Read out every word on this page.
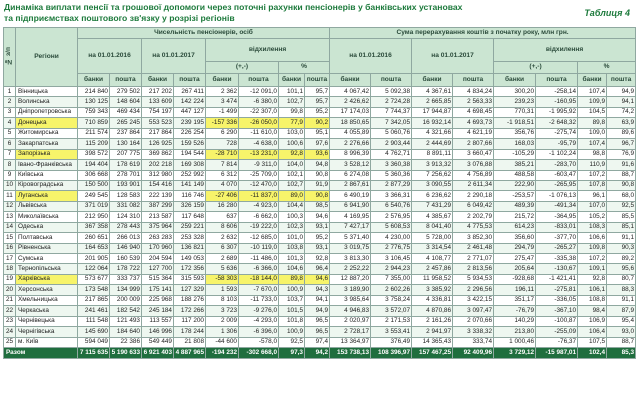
Динаміка виплати пенсії та грошової допомоги через поточні рахунки пенсіонерів у банківських установах
та підприємствах поштового зв'язку у розрізі регіонів	Таблиця 4
№ з/п	Регіони	Чисельність пенсіонерів, осіб								Сума перерахування коштів з початку року, млн грн.							
		на 01.01.2016		на 01.01.2017		відхилення				на 01.01.2016		на 01.01.2017		відхилення			
						(+,-)		%						(+,-)		%	
		банки	пошта	банки	пошта	банки	пошта	банки	пошта	банки	пошта	банки	пошта	банки	пошта	банки	пошта
1	Вінницька	214 840	279 502	217 202	267 411	2 362	-12 091,0	101,1	95,7	4 067,42	5 092,38	4 367,61	4 834,24	300,20	-258,14	107,4	94,9
2	Волинська	130 125	148 604	133 609	142 224	3 474	-6 380,0	102,7	95,7	2 426,62	2 724,28	2 665,85	2 563,33	239,23	-160,95	109,9	94,1
3	Дніпропетровська	759 343	469 434	754 197	447 127	-1 499	-22 307,0	99,8	95,2	17 174,03	7 744,37	17 944,87	4 698,45	770,31	-1 995,92	104,5	74,2
4	Донецька	710 859	265 245	553 523	239 195	-157 336	-26 050,0	77,9	90,2	18 850,65	7 342,05	16 932,14	4 693,73	-1 918,51	-2 648,32	89,8	63,9
5	Житомирська	211 574	237 864	217 864	226 254	6 290	-11 610,0	103,0	95,1	4 055,89	5 060,76	4 321,66	4 621,19	356,76	-275,74	109,0	89,6
6	Закарпатська	115 209	130 164	126 925	159 526	728	-4 638,0	100,6	97,6	2 276,66	2 903,44	2 444,69	2 807,66	168,03	-95,79	107,4	96,7
7	Запорізька	398 572	207 775	369 862	194 544	-28 710	-13 231,0	92,8	93,6	8 996,39	4 762,71	8 891,11	3 660,47	-105,29	-1 102,24	98,8	76,9
8	Івано-Франківська	194 404	178 619	202 218	169 308	7 814	-9 311,0	104,0	94,8	3 528,12	3 360,38	3 913,32	3 076,88	385,21	-283,70	110,9	91,6
9	Київська	306 668	278 701	312 980	252 992	6 312	-25 709,0	102,1	90,8	6 274,08	5 360,36	7 256,62	4 756,89	488,58	-603,47	107,2	88,7
10	Кіровоградська	150 500	193 901	154 416	141 149	4 070	-12 470,0	102,7	91,9	2 867,61	2 877,29	3 090,55	2 611,34	222,90	-265,95	107,8	90,8
11	Луганська	249 545	128 583	222 139	116 746	-27 406	-11 837,0	89,0	90,8	6 490,19	3 366,31	6 236,62	2 290,18	-253,57	-1 076,13	96,1	68,0
12	Львівська	371 019	331 082	387 299	326 159	16 280	-4 923,0	104,4	98,5	6 941,90	6 540,76	7 431,29	6 049,42	489,39	-491,34	107,0	92,5
13	Миколаївська	212 950	124 310	213 587	117 648	637	-6 662,0	100,3	94,6	4 169,95	2 576,95	4 385,67	2 202,79	215,72	-364,95	105,2	85,5
14	Одеська	367 358	278 443	375 964	259 221	8 606	-19 222,0	102,3	93,1	7 427,17	5 608,53	8 041,40	4 775,53	614,23	-833,01	108,3	85,1
15	Полтавська	260 651	266 013	263 283	253 328	2 632	-12 685,0	101,0	95,2	5 371,40	4 230,00	5 728,00	3 852,30	356,60	-377,70	106,6	91,1
16	Рівненська	164 653	146 940	170 960	136 821	6 307	-10 119,0	103,8	93,1	3 019,75	2 776,75	3 314,54	2 461,48	294,79	-265,27	109,8	90,3
17	Сумська	201 905	160 539	204 594	149 053	2 689	-11 486,0	101,3	92,8	3 813,30	3 106,45	4 108,77	2 771,07	275,47	-335,38	107,2	89,2
18	Тернопільська	122 064	178 722	127 700	172 356	5 636	-6 366,0	104,6	96,4	2 252,22	2 944,23	2 457,86	2 813,56	205,64	-130,67	109,1	95,6
19	Харківська	573 677	333 737	515 364	315 593	-58 303	-18 144,0	89,8	94,6	12 887,20	7 355,00	11 958,52	5 934,53	-928,68	-1 421,41	92,8	80,7
20	Херсонська	173 548	134 999	175 141	127 329	1 593	-7 670,0	100,9	94,3	3 189,90	2 602,26	3 385,92	2 296,56	196,11	-275,81	106,1	88,3
21	Хмельницька	217 865	200 009	225 968	188 276	8 103	-11 733,0	103,7	94,1	3 985,64	3 758,24	4 336,81	3 422,15	351,17	-336,05	108,8	91,1
22	Черкаська	241 461	182 542	245 184	172 266	3 723	-9 276,0	101,5	94,9	4 946,83	3 572,07	4 870,86	3 097,47	-76,79	-367,10	98,4	87,9
23	Чернівецька	111 548	121 493	113 557	117 200	2 009	-4 293,0	101,8	96,5	2 020,97	2 171,53	2 161,26	2 070,66	140,29	-100,87	106,9	95,4
24	Чернігівська	145 690	184 640	146 996	178 244	1 306	-6 396,0	100,9	96,5	2 728,17	3 553,41	2 941,97	3 338,32	213,80	-255,09	106,4	93,0
25	м. Київ	594 049	22 386	549 449	21 808	-44 600	-578,0	92,5	97,4	13 364,97	376,49	14 365,43	333,74	1 000,46	-76,37	107,5	88,7
Разом		7 115 635	5 190 633	6 921 403	4 887 965	-194 232	-302 668,0	97,3	94,2	153 738,13	108 396,97	157 467,25	92 409,96	3 729,12	-15 987,01	102,4	85,3
